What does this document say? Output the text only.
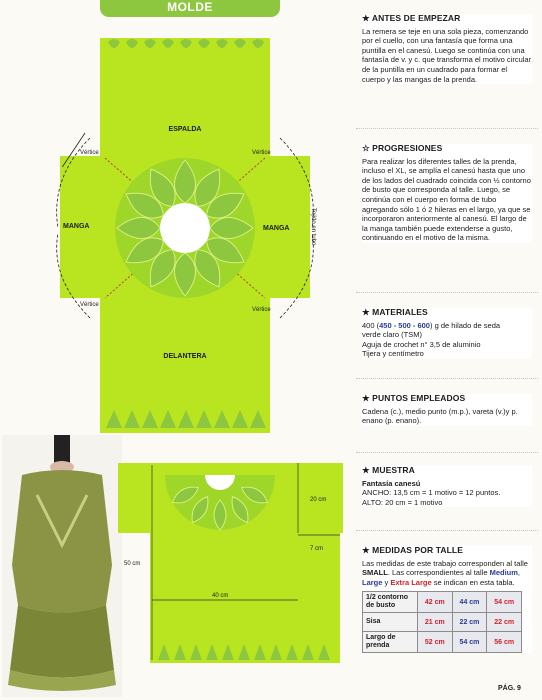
MOLDE
ESPALDA
DELANTERA
MANGA	MANGA
Vértice	Vértice
Vértice
Vértice
Tejido en tubo
20 cm
7 cm
50 cm
40 cm
★ ANTES DE EMPEZAR

La remera se teje en una sola pieza, comenzando por el cuello, con una fantasía que forma una puntilla en el canesú. Luego se continúa con una fantasía de v. y c. que transforma el motivo circular de la puntilla en un cuadrado para formar el cuerpo y las mangas de la prenda.

☆ PROGRESIONES

Para realizar los diferentes talles de la prenda, incluso el XL, se amplía el canesú hasta que uno de los lados del cuadrado coincida con ½ contorno de busto que corresponda al talle. Luego, se continúa con el cuerpo en forma de tubo agregando sólo 1 ó 2 hileras en el largo, ya que se incorporaron anteriormente al canesú. El largo de la manga también puede extenderse a gusto, continuando en el motivo de la misma.

★ MATERIALES

400 (450 - 500 - 600) g de hilado de seda

verde claro (TSM)

Aguja de crochet n° 3,5 de aluminio

Tijera y centímetro

★ PUNTOS EMPLEADOS

Cadena (c.), medio punto (m.p.), vareta (v.)y p. enano (p. enano).

★ MUESTRA

Fantasía canesú

ANCHO: 13,5 cm = 1 motivo = 12 puntos.

ALTO: 20 cm = 1 motivo

★ MEDIDAS POR TALLE

Las medidas de este trabajo corresponden al talle SMALL. Las correspondientes al talle Medium, Large y Extra Large se indican en esta tabla.

1/2 contorno de busto	42 cm	44 cm	54 cm
Sisa	21 cm	22 cm	22 cm
Largo de prenda	52 cm	54 cm	56 cm
PÁG. 9
